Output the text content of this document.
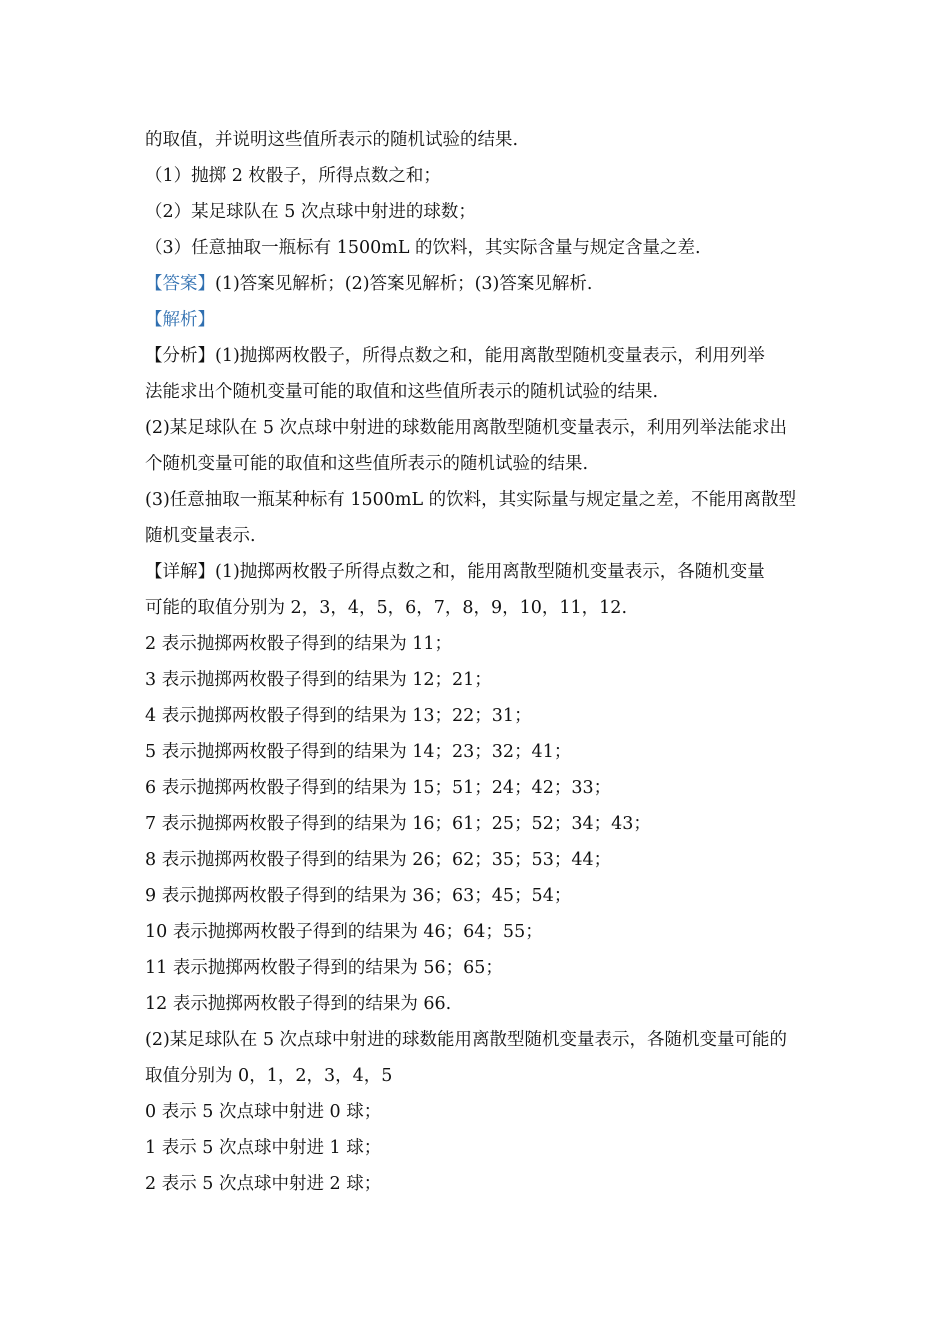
的取值，并说明这些值所表示的随机试验的结果.
（1）抛掷 2 枚骰子，所得点数之和；
（2）某足球队在 5 次点球中射进的球数；
（3）任意抽取一瓶标有 1500mL 的饮料，其实际含量与规定含量之差.
【答案】(1)答案见解析；(2)答案见解析；(3)答案见解析.
【解析】
【分析】(1)抛掷两枚骰子，所得点数之和，能用离散型随机变量表示，利用列举
法能求出个随机变量可能的取值和这些值所表示的随机试验的结果.
(2)某足球队在 5 次点球中射进的球数能用离散型随机变量表示，利用列举法能求出
个随机变量可能的取值和这些值所表示的随机试验的结果.
(3)任意抽取一瓶某种标有 1500mL 的饮料，其实际量与规定量之差，不能用离散型
随机变量表示.
【详解】(1)抛掷两枚骰子所得点数之和，能用离散型随机变量表示，各随机变量
可能的取值分别为 2，3，4，5，6，7，8，9，10，11，12.
2 表示抛掷两枚骰子得到的结果为 11；
3 表示抛掷两枚骰子得到的结果为 12；21；
4 表示抛掷两枚骰子得到的结果为 13；22；31；
5 表示抛掷两枚骰子得到的结果为 14；23；32；41；
6 表示抛掷两枚骰子得到的结果为 15；51；24；42；33；
7 表示抛掷两枚骰子得到的结果为 16；61；25；52；34；43；
8 表示抛掷两枚骰子得到的结果为 26；62；35；53；44；
9 表示抛掷两枚骰子得到的结果为 36；63；45；54；
10 表示抛掷两枚骰子得到的结果为 46；64；55；
11 表示抛掷两枚骰子得到的结果为 56；65；
12 表示抛掷两枚骰子得到的结果为 66.
(2)某足球队在 5 次点球中射进的球数能用离散型随机变量表示，各随机变量可能的
取值分别为 0，1，2，3，4，5
0 表示 5 次点球中射进 0 球；
1 表示 5 次点球中射进 1 球；
2 表示 5 次点球中射进 2 球；
